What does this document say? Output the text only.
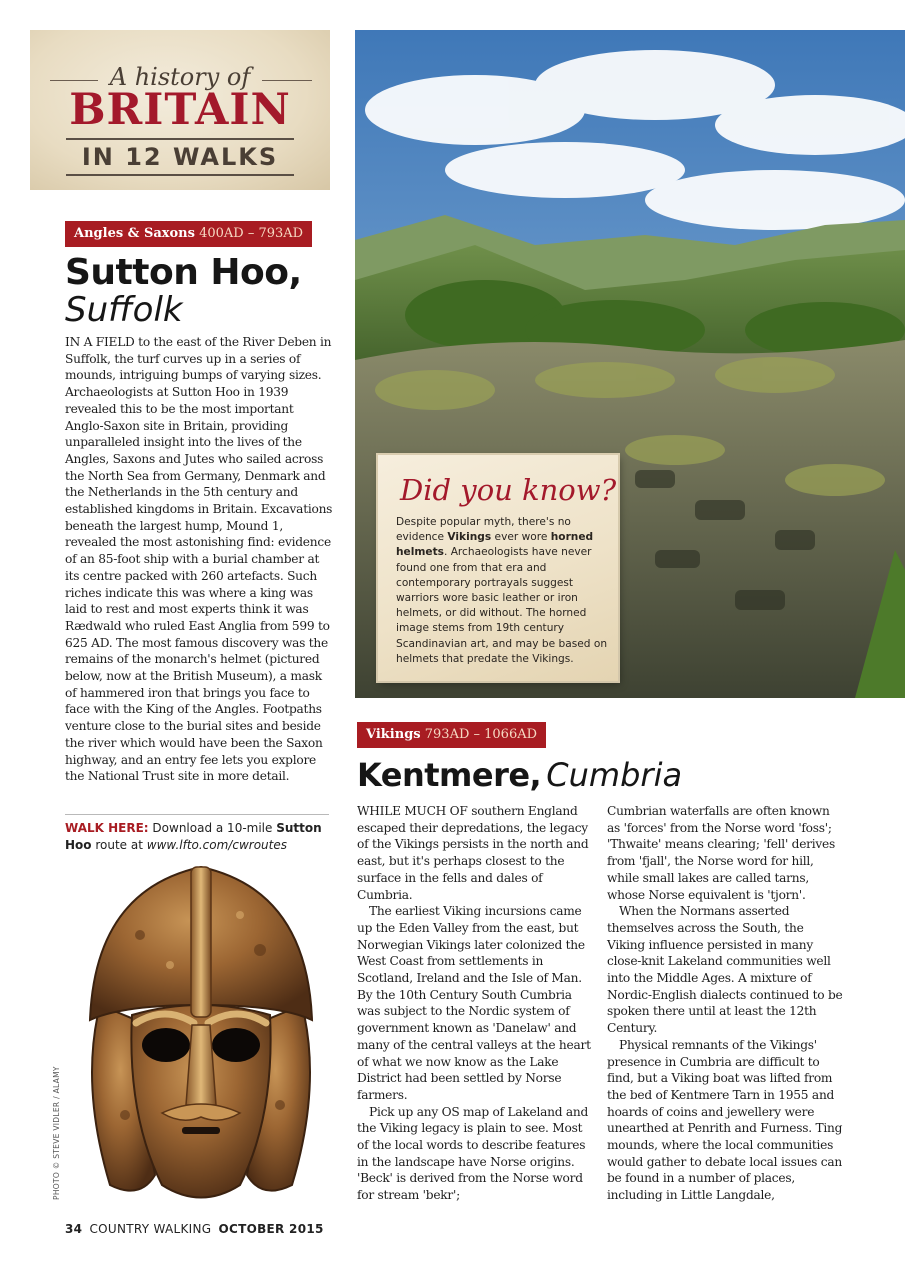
A history of
BRITAIN
IN 12 WALKS
Angles & Saxons 400AD – 793AD
Sutton Hoo,
Suffolk

IN A FIELD to the east of the River Deben in Suffolk, the turf curves up in a series of mounds, intriguing bumps of varying sizes. Archaeologists at Sutton Hoo in 1939 revealed this to be the most important Anglo-Saxon site in Britain, providing unparalleled insight into the lives of the Angles, Saxons and Jutes who sailed across the North Sea from Germany, Denmark and the Netherlands in the 5th century and established kingdoms in Britain. Excavations beneath the largest hump, Mound 1, revealed the most astonishing find: evidence of an 85-foot ship with a burial chamber at its centre packed with 260 artefacts. Such riches indicate this was where a king was laid to rest and most experts think it was Rædwald who ruled East Anglia from 599 to 625 AD. The most famous discovery was the remains of the monarch's helmet (pictured below, now at the British Museum), a mask of hammered iron that brings you face to face with the King of the Angles. Footpaths venture close to the burial sites and beside the river which would have been the Saxon highway, and an entry fee lets you explore the National Trust site in more detail.

WALK HERE: Download a 10-mile Sutton Hoo route at www.lfto.com/cwroutes
PHOTO © STEVE VIDLER / ALAMY
Did you know?
Despite popular myth, there's no evidence Vikings ever wore horned helmets. Archaeologists have never found one from that era and contemporary portrayals suggest warriors wore basic leather or iron helmets, or did without. The horned image stems from 19th century Scandinavian art, and may be based on helmets that predate the Vikings.
Vikings 793AD – 1066AD
Kentmere, Cumbria

WHILE MUCH OF southern England escaped their depredations, the legacy of the Vikings persists in the north and east, but it's perhaps closest to the surface in the fells and dales of Cumbria.

The earliest Viking incursions came up the Eden Valley from the east, but Norwegian Vikings later colonized the West Coast from settlements in Scotland, Ireland and the Isle of Man. By the 10th Century South Cumbria was subject to the Nordic system of government known as 'Danelaw' and many of the central valleys at the heart of what we now know as the Lake District had been settled by Norse farmers.

Pick up any OS map of Lakeland and the Viking legacy is plain to see. Most of the local words to describe features in the landscape have Norse origins. 'Beck' is derived from the Norse word for stream 'bekr';

Cumbrian waterfalls are often known as 'forces' from the Norse word 'foss'; 'Thwaite' means clearing; 'fell' derives from 'fjall', the Norse word for hill, while small lakes are called tarns, whose Norse equivalent is 'tjorn'.

When the Normans asserted themselves across the South, the Viking influence persisted in many close-knit Lakeland communities well into the Middle Ages. A mixture of Nordic-English dialects continued to be spoken there until at least the 12th Century.

Physical remnants of the Vikings' presence in Cumbria are difficult to find, but a Viking boat was lifted from the bed of Kentmere Tarn in 1955 and hoards of coins and jewellery were unearthed at Penrith and Furness. Ting mounds, where the local communities would gather to debate local issues can be found in a number of places, including in Little Langdale,

34 COUNTRY WALKING OCTOBER 2015
